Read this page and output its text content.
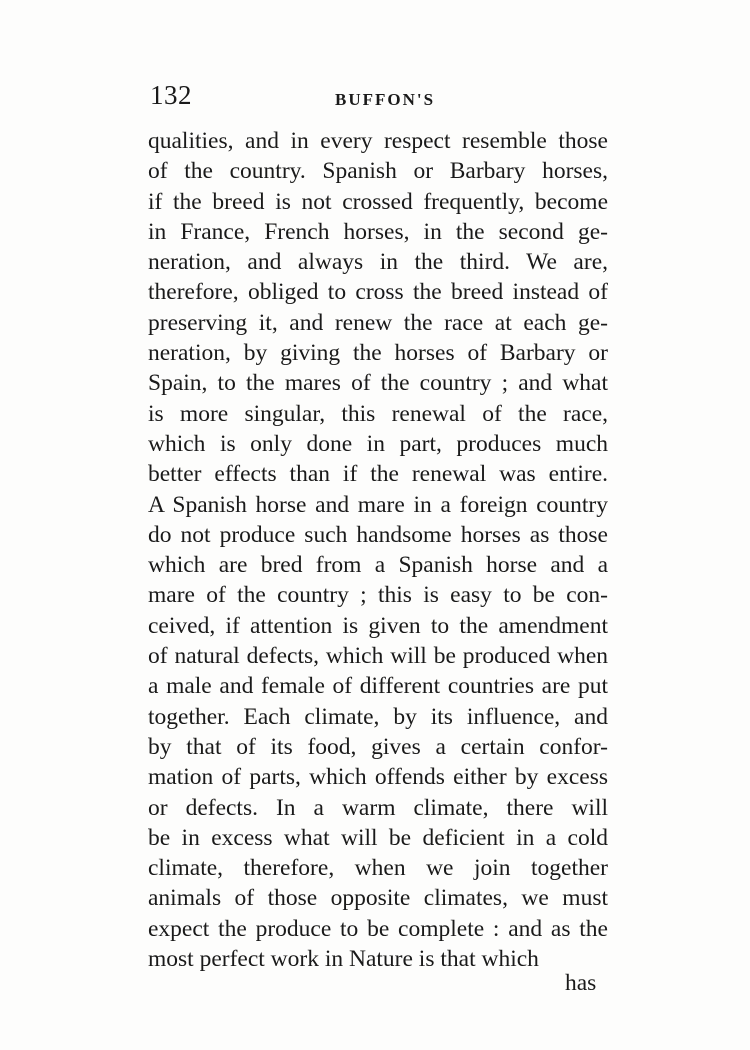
132	BUFFON'S
qualities, and in every respect resemble those
of the country. Spanish or Barbary horses,
if the breed is not crossed frequently, become
in France, French horses, in the second ge-
neration, and always in the third. We are,
therefore, obliged to cross the breed instead of
preserving it, and renew the race at each ge-
neration, by giving the horses of Barbary or
Spain, to the mares of the country ; and what
is more singular, this renewal of the race,
which is only done in part, produces much
better effects than if the renewal was entire.
A Spanish horse and mare in a foreign country
do not produce such handsome horses as those
which are bred from a Spanish horse and a
mare of the country ; this is easy to be con-
ceived, if attention is given to the amendment
of natural defects, which will be produced when
a male and female of different countries are put
together. Each climate, by its influence, and
by that of its food, gives a certain confor-
mation of parts, which offends either by excess
or defects. In a warm climate, there will
be in excess what will be deficient in a cold
climate, therefore, when we join together
animals of those opposite climates, we must
expect the produce to be complete : and as the
most perfect work in Nature is that which
has
